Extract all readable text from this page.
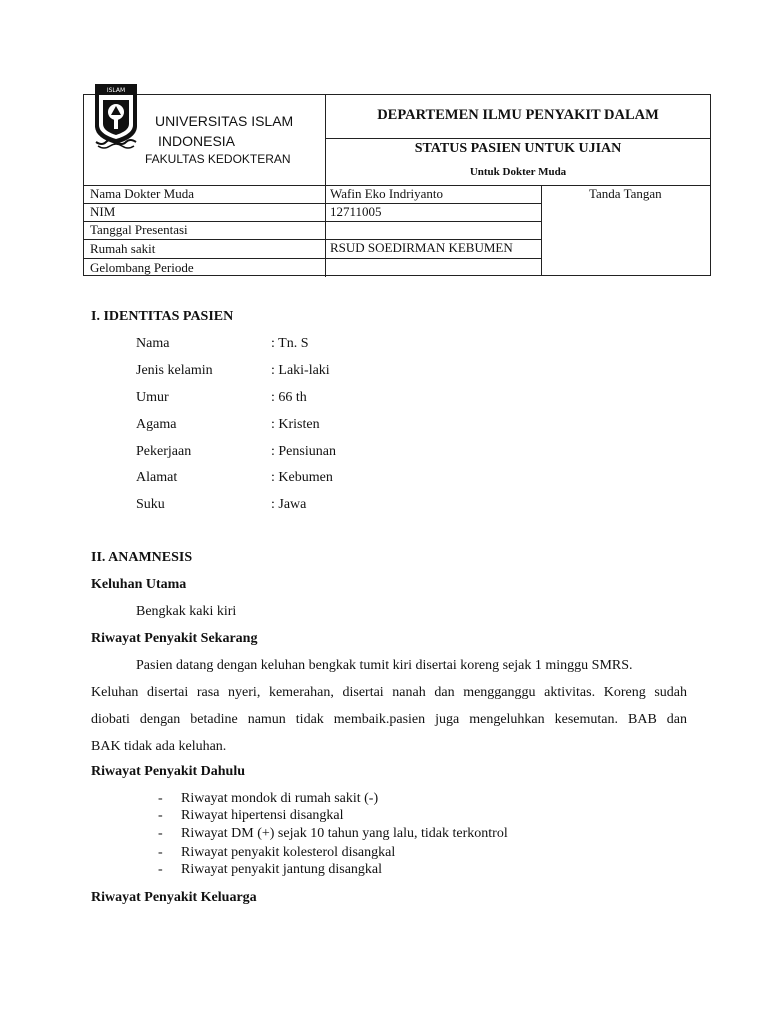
ISLAM
UNIVERSITAS ISLAM
INDONESIA
FAKULTAS KEDOKTERAN
DEPARTEMEN ILMU PENYAKIT DALAM
STATUS PASIEN UNTUK UJIAN
Untuk Dokter Muda
Nama Dokter Muda	Wafin Eko Indriyanto
NIM	12711005
Tanggal Presentasi
Rumah sakit	RSUD SOEDIRMAN KEBUMEN
Gelombang Periode
Tanda Tangan
I. IDENTITAS PASIEN
Nama	: Tn. S
Jenis kelamin	: Laki-laki
Umur	: 66 th
Agama	: Kristen
Pekerjaan	: Pensiunan
Alamat	: Kebumen
Suku	: Jawa
II. ANAMNESIS
Keluhan Utama
Bengkak kaki kiri
Riwayat Penyakit Sekarang
Pasien datang dengan keluhan bengkak tumit kiri disertai koreng sejak 1 minggu SMRS.
Keluhan disertai rasa nyeri, kemerahan, disertai nanah dan mengganggu aktivitas. Koreng sudah
diobati dengan betadine namun tidak membaik.pasien juga mengeluhkan kesemutan. BAB dan
BAK tidak ada keluhan.
Riwayat Penyakit Dahulu
- Riwayat mondok di rumah sakit (-)
- Riwayat hipertensi disangkal
- Riwayat DM (+) sejak 10 tahun yang lalu, tidak terkontrol
- Riwayat penyakit kolesterol disangkal
- Riwayat penyakit jantung disangkal
Riwayat Penyakit Keluarga
